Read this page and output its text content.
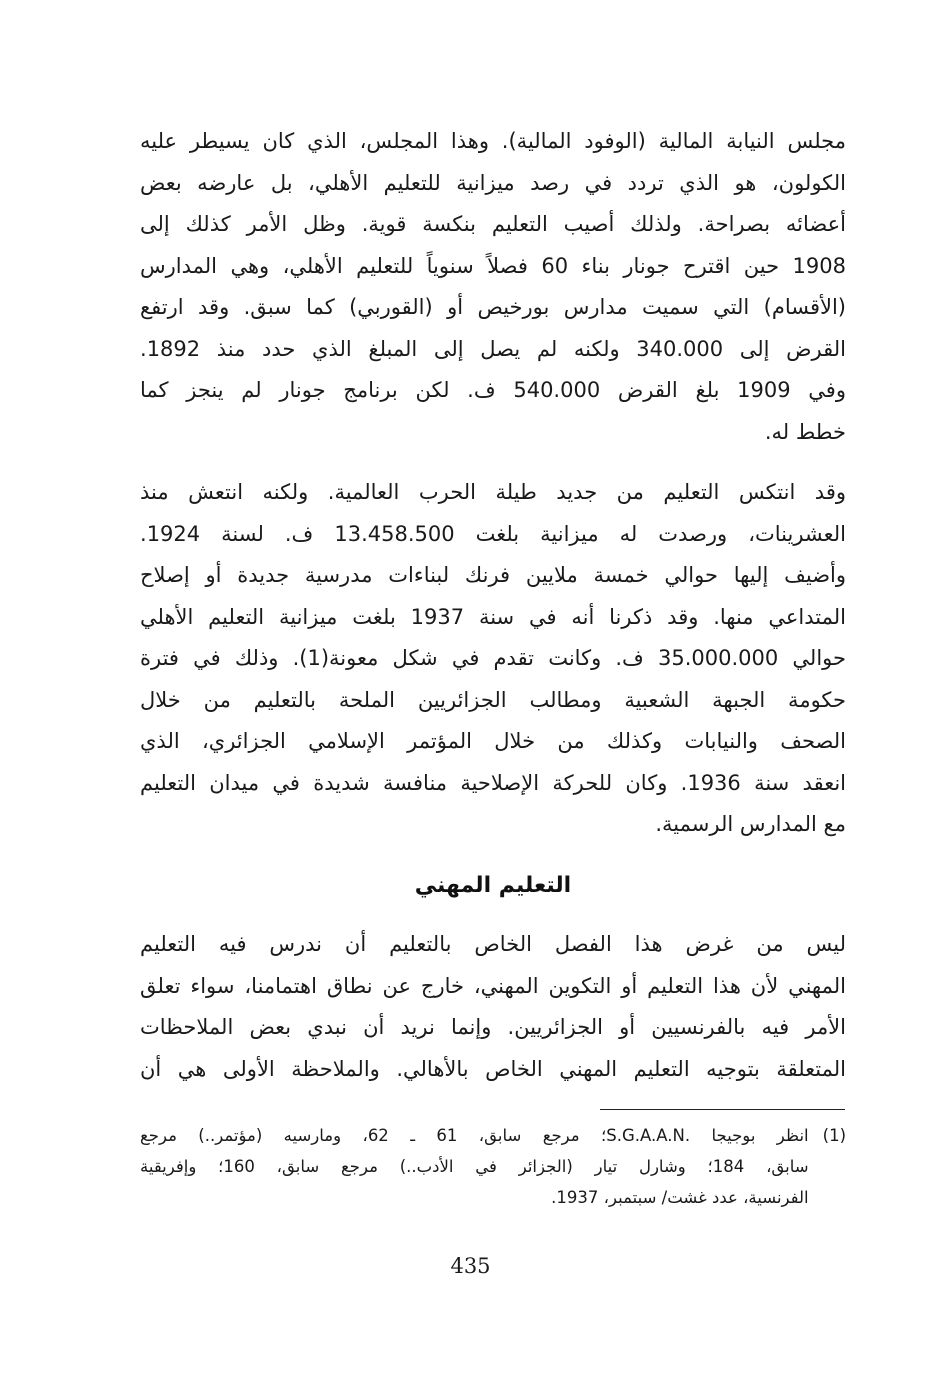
مجلس النيابة المالية (الوفود المالية). وهذا المجلس، الذي كان يسيطر عليه
الكولون، هو الذي تردد في رصد ميزانية للتعليم الأهلي، بل عارضه بعض
أعضائه بصراحة. ولذلك أصيب التعليم بنكسة قوية. وظل الأمر كذلك إلى
1908 حين اقترح جونار بناء 60 فصلاً سنوياً للتعليم الأهلي، وهي المدارس
(الأقسام) التي سميت مدارس بورخيص أو (القوربي) كما سبق. وقد ارتفع
القرض إلى 340.000 ولكنه لم يصل إلى المبلغ الذي حدد منذ 1892.
وفي 1909 بلغ القرض 540.000 ف. لكن برنامج جونار لم ينجز كما
خطط له.
وقد انتكس التعليم من جديد طيلة الحرب العالمية. ولكنه انتعش منذ
العشرينات، ورصدت له ميزانية بلغت 13.458.500 ف. لسنة 1924.
وأضيف إليها حوالي خمسة ملايين فرنك لبناءات مدرسية جديدة أو إصلاح
المتداعي منها. وقد ذكرنا أنه في سنة 1937 بلغت ميزانية التعليم الأهلي
حوالي 35.000.000 ف. وكانت تقدم في شكل معونة(1). وذلك في فترة
حكومة الجبهة الشعبية ومطالب الجزائريين الملحة بالتعليم من خلال
الصحف والنيابات وكذلك من خلال المؤتمر الإسلامي الجزائري، الذي
انعقد سنة 1936. وكان للحركة الإصلاحية منافسة شديدة في ميدان التعليم
مع المدارس الرسمية.
التعليم المهني
ليس من غرض هذا الفصل الخاص بالتعليم أن ندرس فيه التعليم
المهني لأن هذا التعليم أو التكوين المهني، خارج عن نطاق اهتمامنا، سواء تعلق
الأمر فيه بالفرنسيين أو الجزائريين. وإنما نريد أن نبدي بعض الملاحظات
المتعلقة بتوجيه التعليم المهني الخاص بالأهالي. والملاحظة الأولى هي أن
(1)
انظر بوجيجا .S.G.A.A.N؛ مرجع سابق، 61 ـ 62، ومارسيه (مؤتمر..) مرجع
سابق، 184؛ وشارل تيار (الجزائر في الأدب..) مرجع سابق، 160؛ وإفريقية
الفرنسية، عدد غشت/ سبتمبر، 1937.
435
